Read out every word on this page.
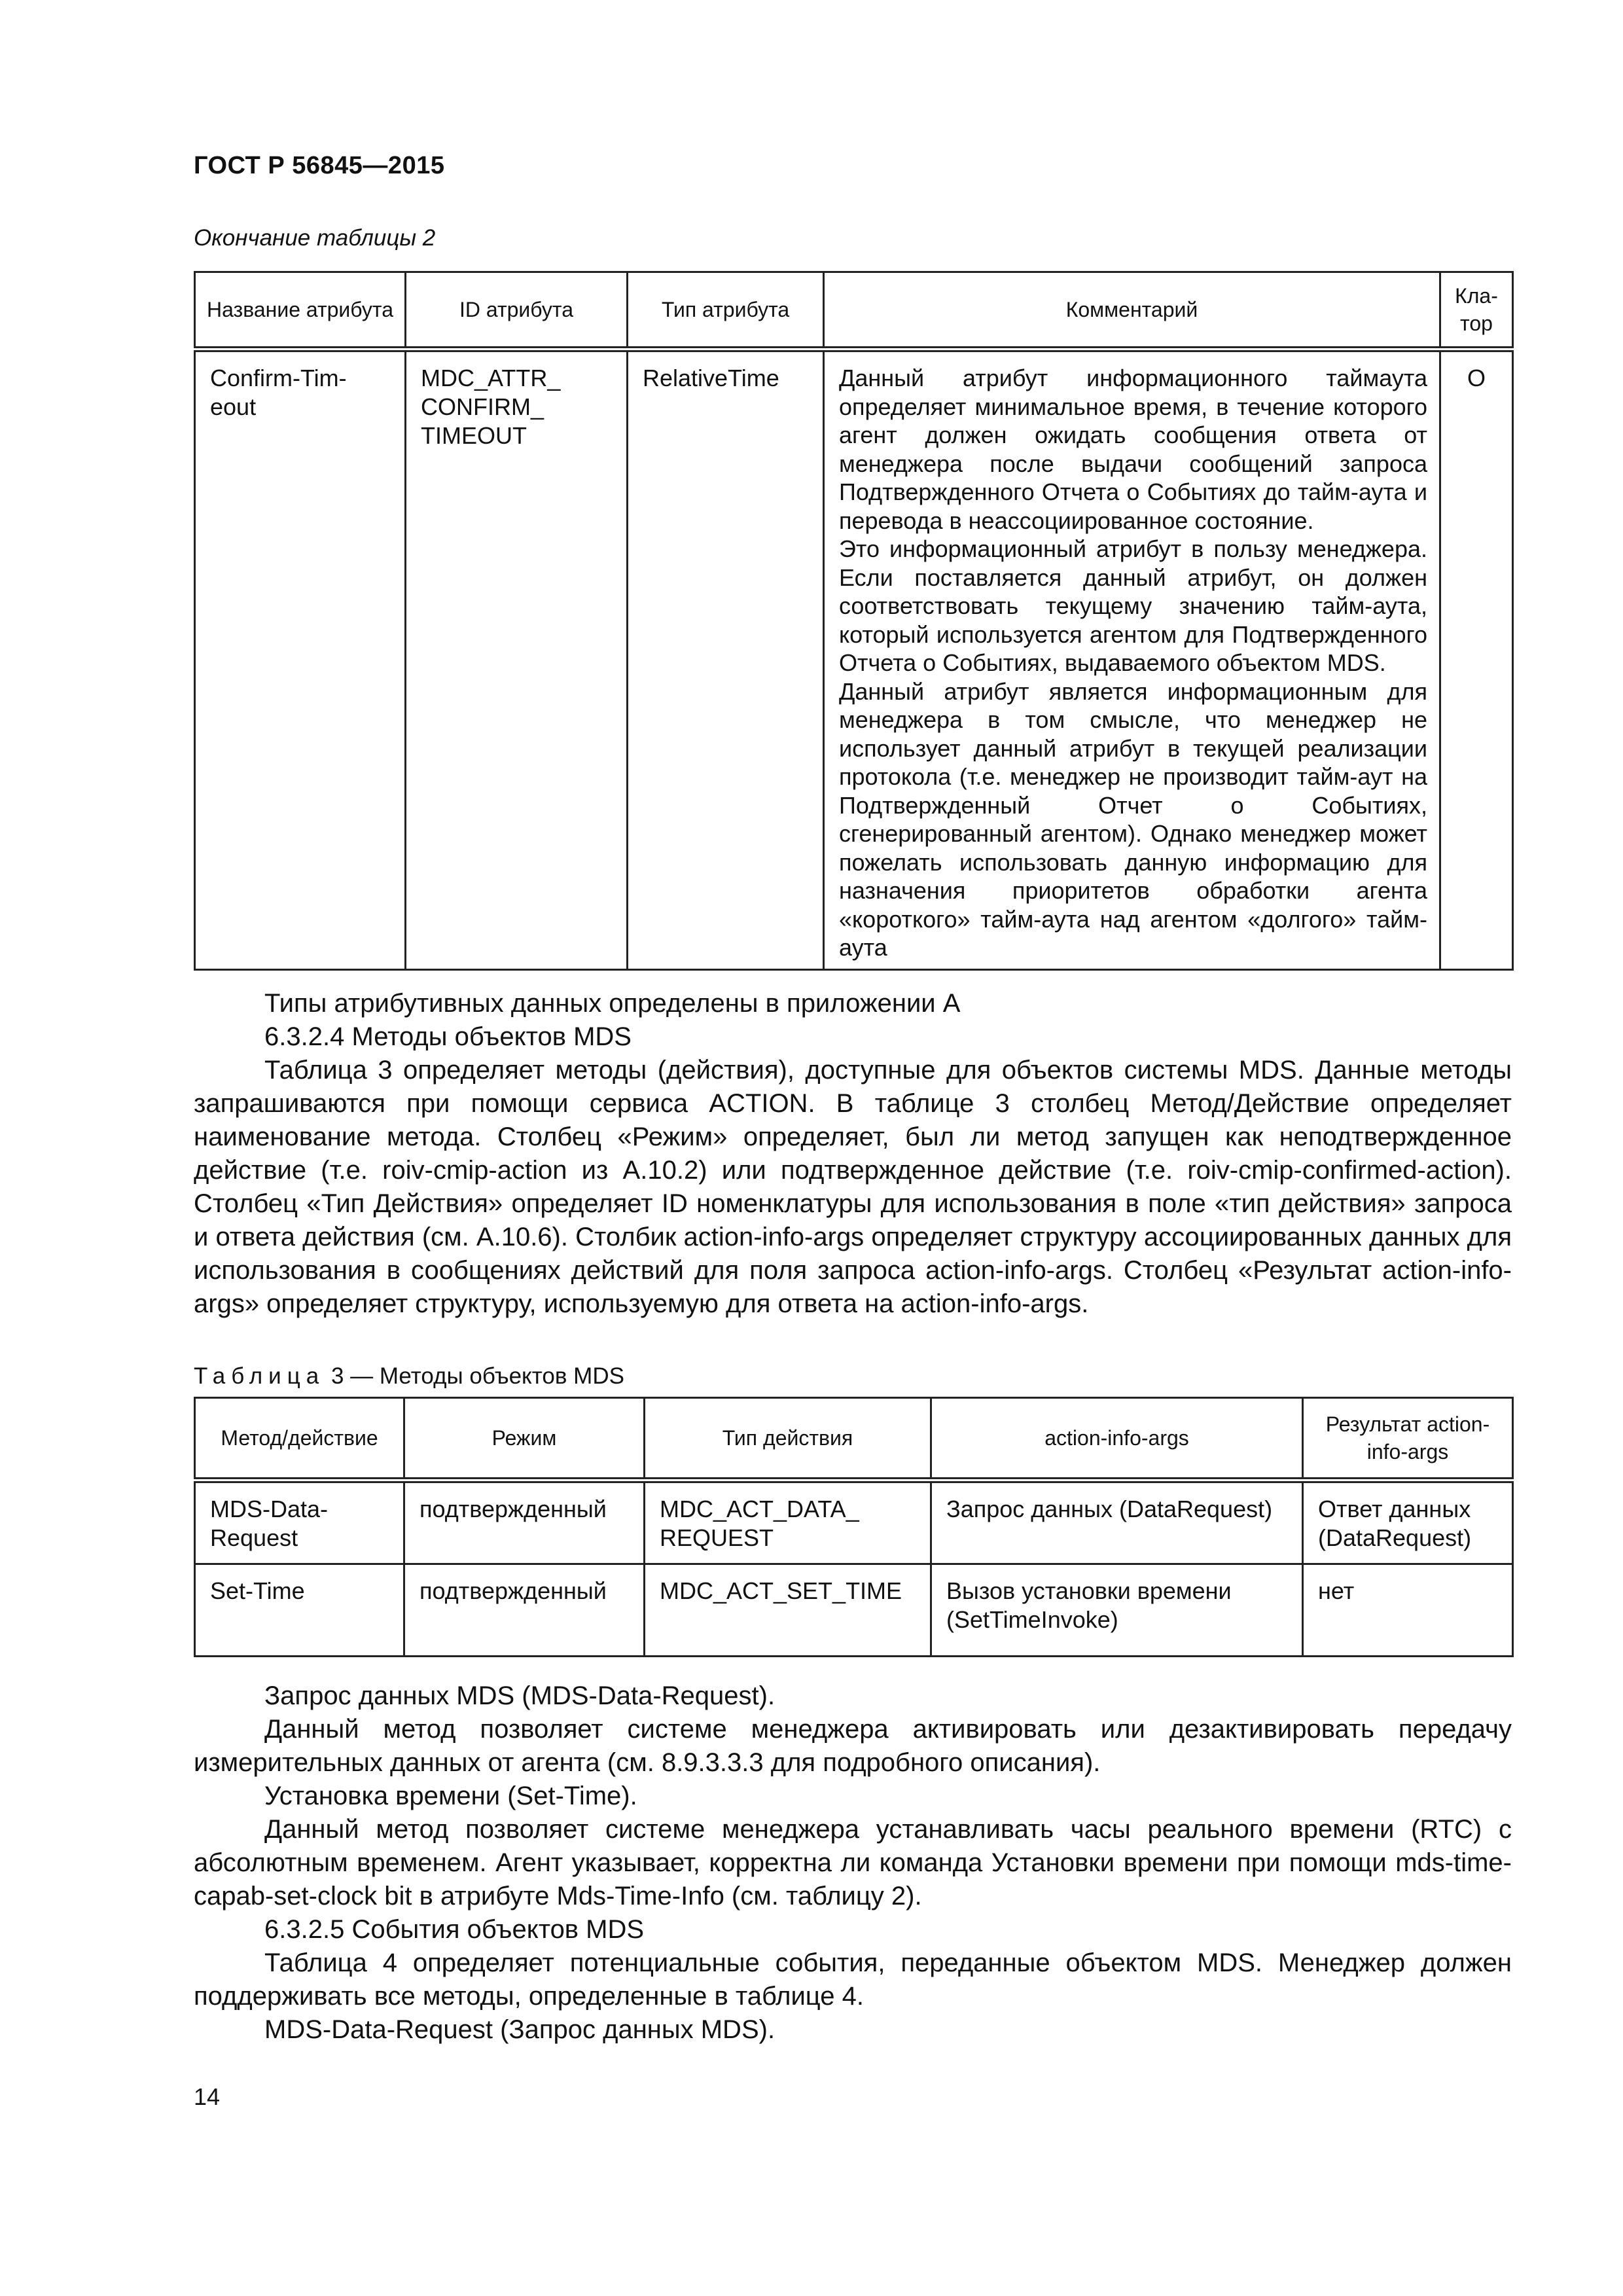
ГОСТ Р 56845—2015
Окончание таблицы 2
Название атрибута	ID атрибута	Тип атрибута	Комментарий	Кла-тор
Confirm-Tim-eout	MDC_ATTR_ CONFIRM_ TIMEOUT	RelativeTime	Данный атрибут информационного таймаута определяет минимальное время, в течение которого агент должен ожидать сообщения ответа от менеджера после выдачи сообщений запроса Подтвержденного Отчета о Событиях до тайм-аута и перевода в неассоциированное состояние.
Это информационный атрибут в пользу менеджера. Если поставляется данный атрибут, он должен соответствовать текущему значению тайм-аута, который используется агентом для Подтвержденного Отчета о Событиях, выдаваемого объектом MDS.
Данный атрибут является информационным для менеджера в том смысле, что менеджер не использует данный атрибут в текущей реализации протокола (т.е. менеджер не производит тайм-аут на Подтвержденный Отчет о Событиях, сгенерированный агентом). Однако менеджер может пожелать использовать данную информацию для назначения приоритетов обработки агента «короткого» тайм-аута над агентом «долгого» тайм-аута	O

Типы атрибутивных данных определены в приложении А

6.3.2.4 Методы объектов MDS

Таблица 3 определяет методы (действия), доступные для объектов системы MDS. Данные методы запрашиваются при помощи сервиса ACTION. В таблице 3 столбец Метод/Действие определяет наименование метода. Столбец «Режим» определяет, был ли метод запущен как неподтвержденное действие (т.е. roiv-cmip-action из А.10.2) или подтвержденное действие (т.е. roiv-cmip-confirmed-action). Столбец «Тип Действия» определяет ID номенклатуры для использования в поле «тип действия» запроса и ответа действия (см. А.10.6). Столбик action-info-args определяет структуру ассоциированных данных для использования в сообщениях действий для поля запроса action-info-args. Столбец «Результат action-info-args» определяет структуру, используемую для ответа на action-info-args.

Таблица 3 — Методы объектов MDS
Метод/действие	Режим	Тип действия	action-info-args	Результат action-info-args
MDS-Data-Request	подтвержденный	MDC_ACT_DATA_ REQUEST	Запрос данных (DataRequest)	Ответ данных (DataRequest)
Set-Time	подтвержденный	MDC_ACT_SET_TIME	Вызов установки времени (SetTimeInvoke)	нет

Запрос данных MDS (MDS-Data-Request).

Данный метод позволяет системе менеджера активировать или дезактивировать передачу измерительных данных от агента (см. 8.9.3.3.3 для подробного описания).

Установка времени (Set-Time).

Данный метод позволяет системе менеджера устанавливать часы реального времени (RTC) с абсолютным временем. Агент указывает, корректна ли команда Установки времени при помощи mds-time-capab-set-clock bit в атрибуте Mds-Time-Info (см. таблицу 2).

6.3.2.5 События объектов MDS

Таблица 4 определяет потенциальные события, переданные объектом MDS. Менеджер должен поддерживать все методы, определенные в таблице 4.

MDS-Data-Request (Запрос данных MDS).

14
